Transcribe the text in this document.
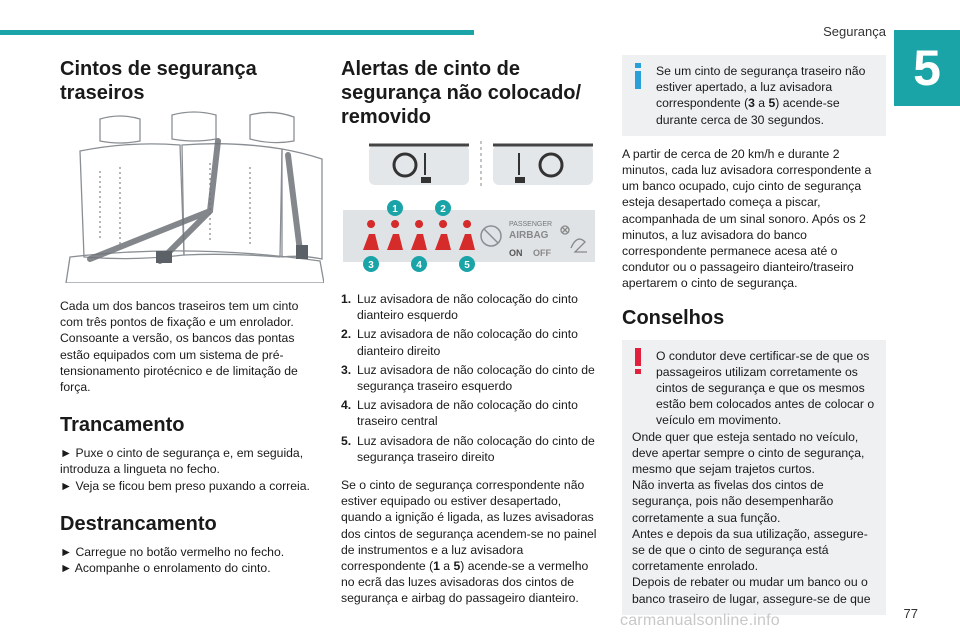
Segurança
5
Cintos de segurança traseiros

Cada um dos bancos traseiros tem um cinto com três pontos de fixação e um enrolador. Consoante a versão, os bancos das pontas estão equipados com um sistema de pré-tensionamento pirotécnico e de limitação de força.

Trancamento
► Puxe o cinto de segurança e, em seguida, introduza a lingueta no fecho.
► Veja se ficou bem preso puxando a correia.
Destrancamento
► Carregue no botão vermelho no fecho.
► Acompanhe o enrolamento do cinto.
Alertas de cinto de segurança não colocado/ removido

PASSENGER
AIRBAG
ON OFF
1	2
3	4	5
1. Luz avisadora de não colocação do cinto dianteiro esquerdo
2. Luz avisadora de não colocação do cinto dianteiro direito
3. Luz avisadora de não colocação do cinto de segurança traseiro esquerdo
4. Luz avisadora de não colocação do cinto traseiro central
5. Luz avisadora de não colocação do cinto de segurança traseiro direito

Se o cinto de segurança correspondente não estiver equipado ou estiver desapertado, quando a ignição é ligada, as luzes avisadoras dos cintos de segurança acendem-se no painel de instrumentos e a luz avisadora correspondente (1 a 5) acende-se a vermelho no ecrã das luzes avisadoras dos cintos de segurança e airbag do passageiro dianteiro.

Se um cinto de segurança traseiro não estiver apertado, a luz avisadora correspondente (3 a 5) acende-se durante cerca de 30 segundos.

A partir de cerca de 20 km/h e durante 2 minutos, cada luz avisadora correspondente a um banco ocupado, cujo cinto de segurança esteja desapertado começa a piscar, acompanhada de um sinal sonoro. Após os 2 minutos, a luz avisadora do banco correspondente permanece acesa até o condutor ou o passageiro dianteiro/traseiro apertarem o cinto de segurança.

Conselhos

O condutor deve certificar-se de que os passageiros utilizam corretamente os cintos de segurança e que os mesmos estão bem colocados antes de colocar o veículo em movimento.

Onde quer que esteja sentado no veículo, deve apertar sempre o cinto de segurança, mesmo que sejam trajetos curtos.

Não inverta as fivelas dos cintos de segurança, pois não desempenharão corretamente a sua função.

Antes e depois da sua utilização, assegure-se de que o cinto de segurança está corretamente enrolado.

Depois de rebater ou mudar um banco ou o banco traseiro de lugar, assegure-se de que

77
carmanualsonline.info
